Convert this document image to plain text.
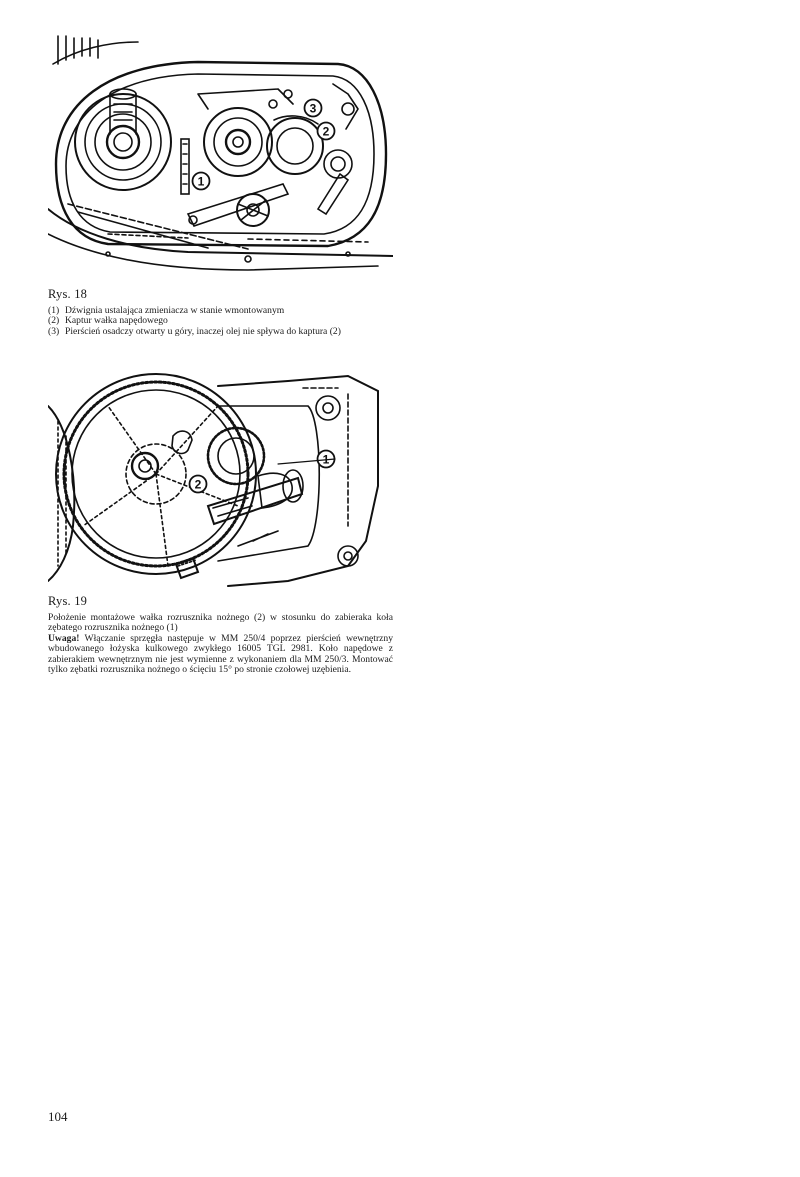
3
2
1

Rys. 18

(1) Dźwignia ustalająca zmieniacza w stanie wmontowanym
(2) Kaptur wałka napędowego
(3) Pierścień osadczy otwarty u góry, inaczej olej nie spływa do kaptura (2)
1
2

Rys. 19

Położenie montażowe wałka rozrusznika nożnego (2) w stosunku do zabieraka koła zębatego rozrusznika nożnego (1)
Uwaga! Włączanie sprzęgła następuje w MM 250/4 poprzez pierścień wewnętrzny wbudowanego łożyska kulkowego zwykłego 16005 TGL 2981. Koło napędowe z zabierakiem wewnętrznym nie jest wymienne z wykonaniem dla MM 250/3. Montować tylko zębatki rozrusznika nożnego o ścięciu 15° po stronie czołowej uzębienia.

104
